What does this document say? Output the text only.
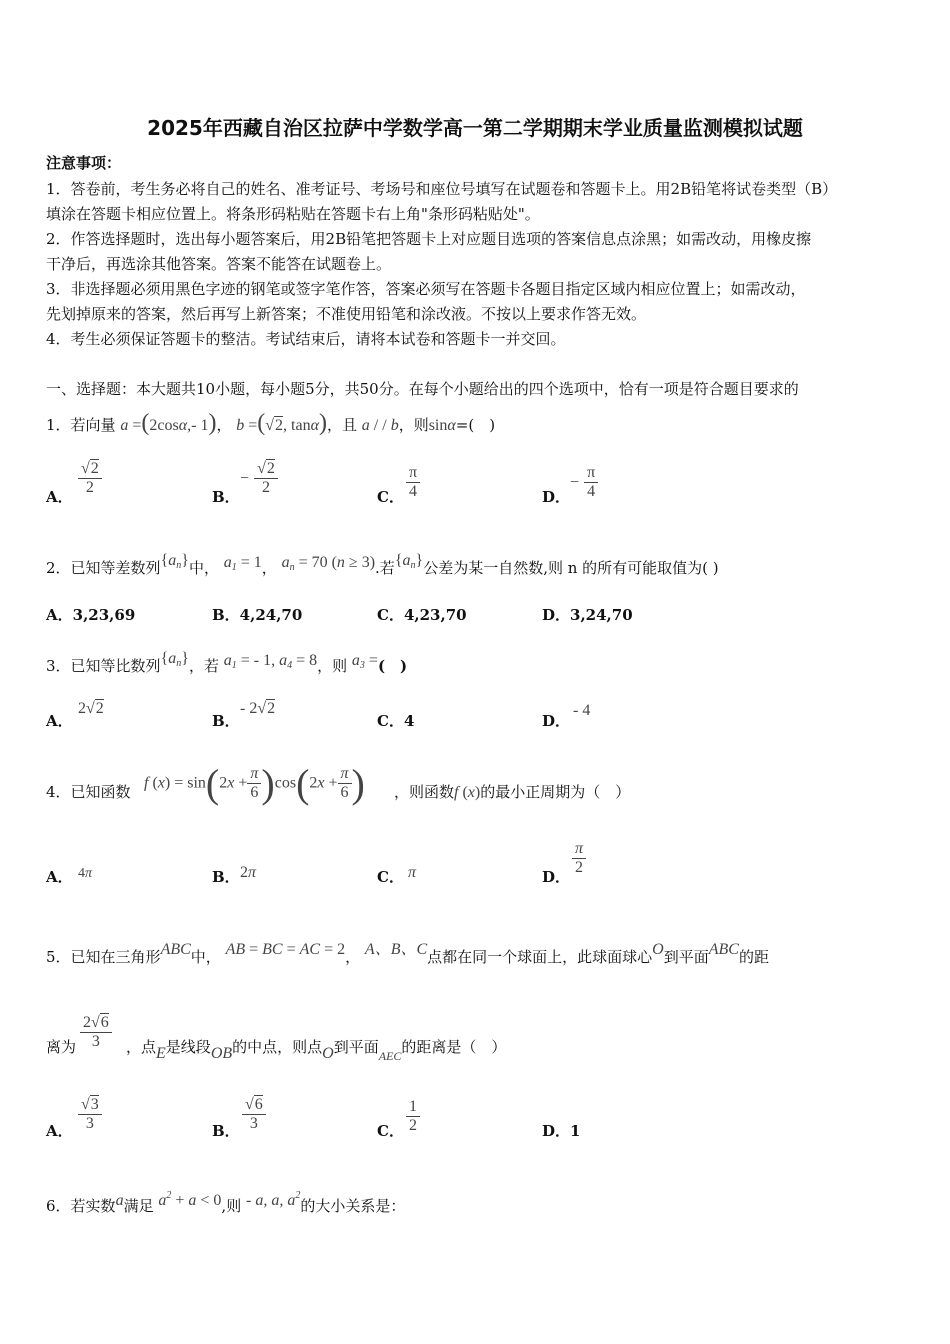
2025年西藏自治区拉萨中学数学高一第二学期期末学业质量监测模拟试题
注意事项：
1．答卷前，考生务必将自己的姓名、准考证号、考场号和座位号填写在试题卷和答题卡上。用2B铅笔将试卷类型（B）
填涂在答题卡相应位置上。将条形码粘贴在答题卡右上角"条形码粘贴处"。
2．作答选择题时，选出每小题答案后，用2B铅笔把答题卡上对应题目选项的答案信息点涂黑；如需改动，用橡皮擦
干净后，再选涂其他答案。答案不能答在试题卷上。
3．非选择题必须用黑色字迹的钢笔或签字笔作答，答案必须写在答题卡各题目指定区域内相应位置上；如需改动，
先划掉原来的答案，然后再写上新答案；不准使用铅笔和涂改液。不按以上要求作答无效。
4．考生必须保证答题卡的整洁。考试结束后，请将本试卷和答题卡一并交回。
一、选择题：本大题共10小题，每小题5分，共50分。在每个小题给出的四个选项中，恰有一项是符合题目要求的
1．若向量 a =(2cosα,- 1)， b =(√2, tanα)，且 a / / b，则sinα=(　)
A． $\frac{√2}{2}$	B．
− $\frac{√2}{2}$	C． $\frac{\pi}{4}$	D．
− $\frac{\pi}{4}$
2．已知等差数列$\{a_n\}$中， $a_1 = 1$， $a_n = 70$ (n ≥ 3).若$\{a_n\}$公差为某一自然数,则 n 的所有可能取值为( )
A．3,23,69	B．4,24,70	C．4,23,70	D．3,24,70
3．已知等比数列$\{a_n\}$，若 $a_1$ = - 1, $a_4 = 8$，则 $a_3$ =(　)
A．
2√2
B．
- 2√2
C．4	D．
- 4
4．已知函数 f $(x) = \sin(2x + \frac{\pi}{6} )\cos(2x + \frac{\pi}{6}$ ) ，则函数f (x)的最小正周期为（　）
A． 4π	B． 2π	C． π	D． $\frac{\pi}{2}$
5．已知在三角形ABC中， AB = BC = AC = 2， A、B、C点都在同一个球面上，此球面球心O到平面ABC的距
离为 $\frac{2√6}{3}$ ，点E是线段OB的中点，则点O到平面$_{AEC}$的距离是（　）
A． $\frac{√3}{3}$	B． $\frac{√6}{3}$	C． $\frac{1}{2}$	D．1
6．若实数a满足 $a^2 + a < 0$,则 - a, a, $a^2$的大小关系是：
